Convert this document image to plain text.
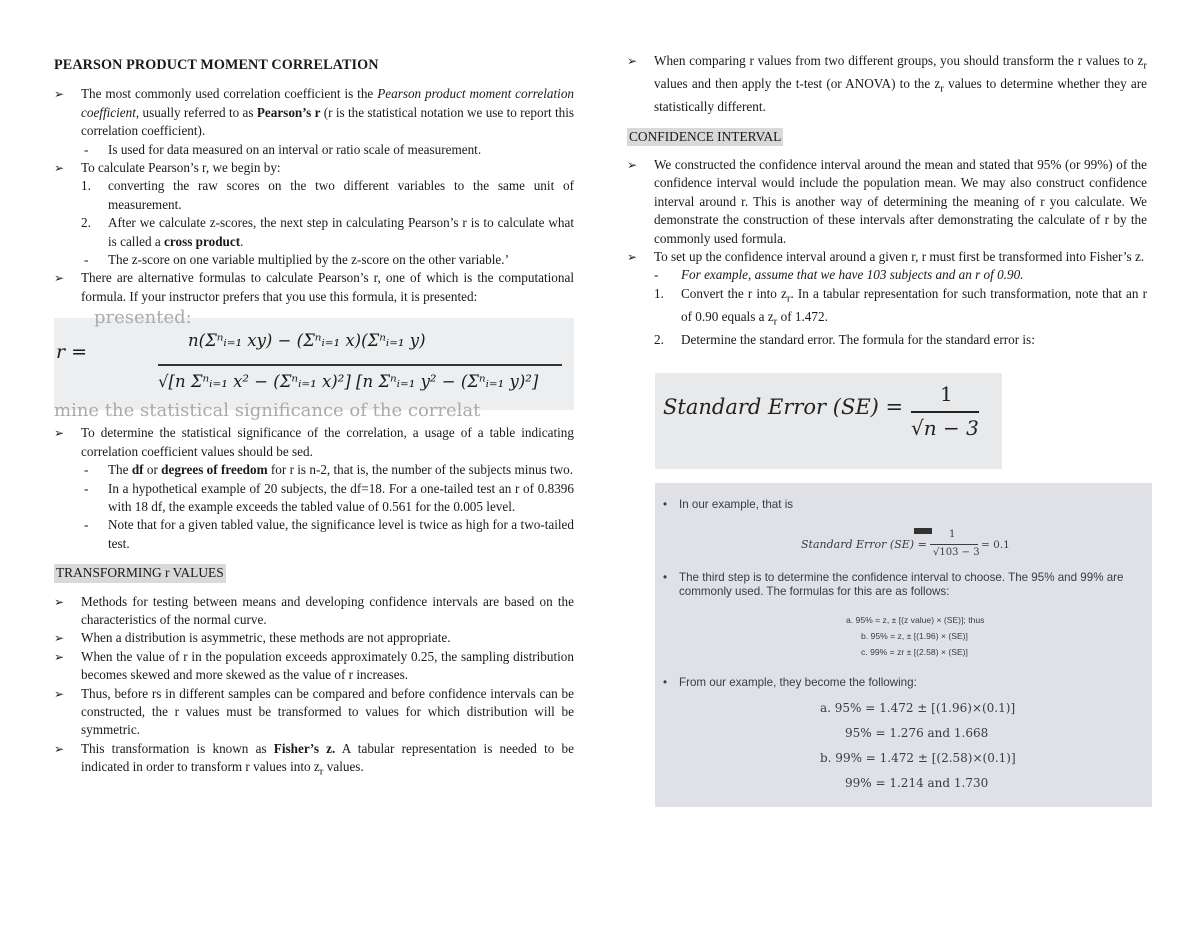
PEARSON PRODUCT MOMENT CORRELATION
➢ The most commonly used correlation coefficient is the Pearson product moment correlation coefficient, usually referred to as Pearson’s r (r is the statistical notation we use to report this correlation coefficient).
- Is used for data measured on an interval or ratio scale of measurement.
➢ To calculate Pearson’s r, we begin by:
1. converting the raw scores on the two different variables to the same unit of measurement.
2. After we calculate z-scores, the next step in calculating Pearson’s r is to calculate what is called a cross product.
- The z-score on one variable multiplied by the z-score on the other variable.’
➢ There are alternative formulas to calculate Pearson’s r, one of which is the computational formula. If your instructor prefers that you use this formula, it is presented:
presented:
r =
n(Σⁿᵢ₌₁ xy) − (Σⁿᵢ₌₁ x)(Σⁿᵢ₌₁ y)
√[n Σⁿᵢ₌₁ x² − (Σⁿᵢ₌₁ x)²] [n Σⁿᵢ₌₁ y² − (Σⁿᵢ₌₁ y)²]
mine the statistical significance of the correlat
➢ To determine the statistical significance of the correlation, a usage of a table indicating correlation coefficient values should be sed.
- The df or degrees of freedom for r is n-2, that is, the number of the subjects minus two.
- In a hypothetical example of 20 subjects, the df=18. For a one-tailed test an r of 0.8396 with 18 df, the example exceeds the tabled value of 0.561 for the 0.005 level.
- Note that for a given tabled value, the significance level is twice as high for a two-tailed test.
TRANSFORMING r VALUES
➢ Methods for testing between means and developing confidence intervals are based on the characteristics of the normal curve.
➢ When a distribution is asymmetric, these methods are not appropriate.
➢ When the value of r in the population exceeds approximately 0.25, the sampling distribution becomes skewed and more skewed as the value of r increases.
➢ Thus, before rs in different samples can be compared and before confidence intervals can be constructed, the r values must be transformed to values for which distribution will be symmetric.
➢ This transformation is known as Fisher’s z. A tabular representation is needed to be indicated in order to transform r values into $z_r$ values.
➢ When comparing r values from two different groups, you should transform the r values to $z_r$ values and then apply the t-test (or ANOVA) to the $z_r$ values to determine whether they are statistically different.
CONFIDENCE INTERVAL
➢ We constructed the confidence interval around the mean and stated that 95% (or 99%) of the confidence interval would include the population mean. We may also construct confidence interval around r. This is another way of determining the meaning of r you calculate. We demonstrate the construction of these intervals after demonstrating the calculate of r by the commonly used formula.
➢ To set up the confidence interval around a given r, r must first be transformed into Fisher’s z.
- For example, assume that we have 103 subjects and an r of 0.90.
1. Convert the r into $z_r$. In a tabular representation for such transformation, note that an r of 0.90 equals a $z_r$ of 1.472.
2. Determine the standard error. The formula for the standard error is:
Standard Error (SE) =
1
√n − 3
• In our example, that is
Standard Error (SE) =
1
√103 − 3
= 0.1
• The third step is to determine the confidence interval to choose. The 95% and 99% are commonly used. The formulas for this are as follows:
a. 95% = z, ± [(z value) × (SE)]; thus
b. 95% = z, ± [(1.96) × (SE)]
c. 99% = zr ± [(2.58) × (SE)]
• From our example, they become the following:
a. 95% = 1.472 ± [(1.96)×(0.1)]
95% = 1.276 and 1.668
b. 99% = 1.472 ± [(2.58)×(0.1)]
99% = 1.214 and 1.730
